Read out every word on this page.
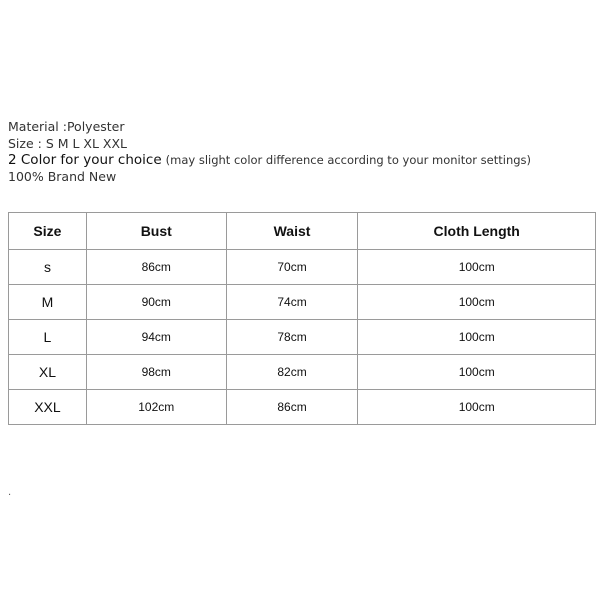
Material :Polyester
Size : S M L XL XXL
2 Color for your choice (may slight color difference according to your monitor settings)
100% Brand New
Size	Bust	Waist	Cloth Length
s	86cm	70cm	100cm
M	90cm	74cm	100cm
L	94cm	78cm	100cm
XL	98cm	82cm	100cm
XXL	102cm	86cm	100cm
.
